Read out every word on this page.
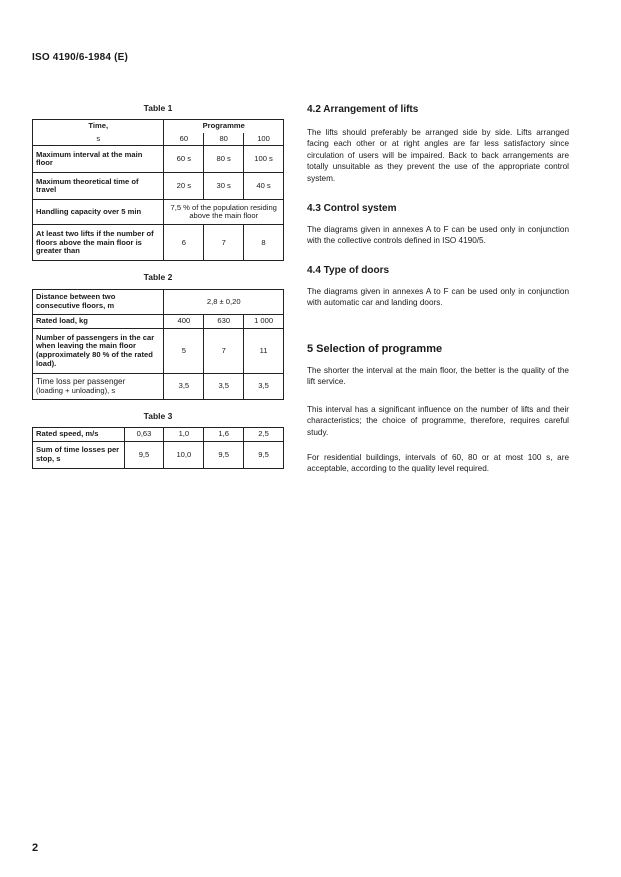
ISO 4190/6-1984 (E)
Table 1
Time,	Programme		
s	60	80	100
Maximum interval at the main floor	60 s	80 s	100 s
Maximum theoretical time of travel	20 s	30 s	40 s
Handling capacity over 5 min	7,5 % of the population residing above the main floor		
At least two lifts if the number of floors above the main floor is greater than	6	7	8
Table 2
Distance between two consecutive floors, m	2,8 ± 0,20		
Rated load, kg	400	630	1 000
Number of passengers in the car when leaving the main floor (approximately 80 % of the rated load).	5	7	11

Time loss per passenger
(loading + unloading), s	3,5	3,5	3,5
Table 3
Rated speed, m/s	0,63	1,0	1,6	2,5
Sum of time losses per stop, s	9,5	10,0	9,5	9,5
4.2 Arrangement of lifts
The lifts should preferably be arranged side by side. Lifts arranged facing each other or at right angles are far less satisfactory since circulation of users will be impaired. Back to back arrangements are totally unsuitable as they prevent the use of the appropriate control system.
4.3 Control system
The diagrams given in annexes A to F can be used only in conjunction with the collective controls defined in ISO 4190/5.
4.4 Type of doors
The diagrams given in annexes A to F can be used only in conjunction with automatic car and landing doors.
5 Selection of programme
The shorter the interval at the main floor, the better is the quality of the lift service.
This interval has a significant influence on the number of lifts and their characteristics; the choice of programme, therefore, requires careful study.
For residential buildings, intervals of 60, 80 or at most 100 s, are acceptable, according to the quality level required.
2
